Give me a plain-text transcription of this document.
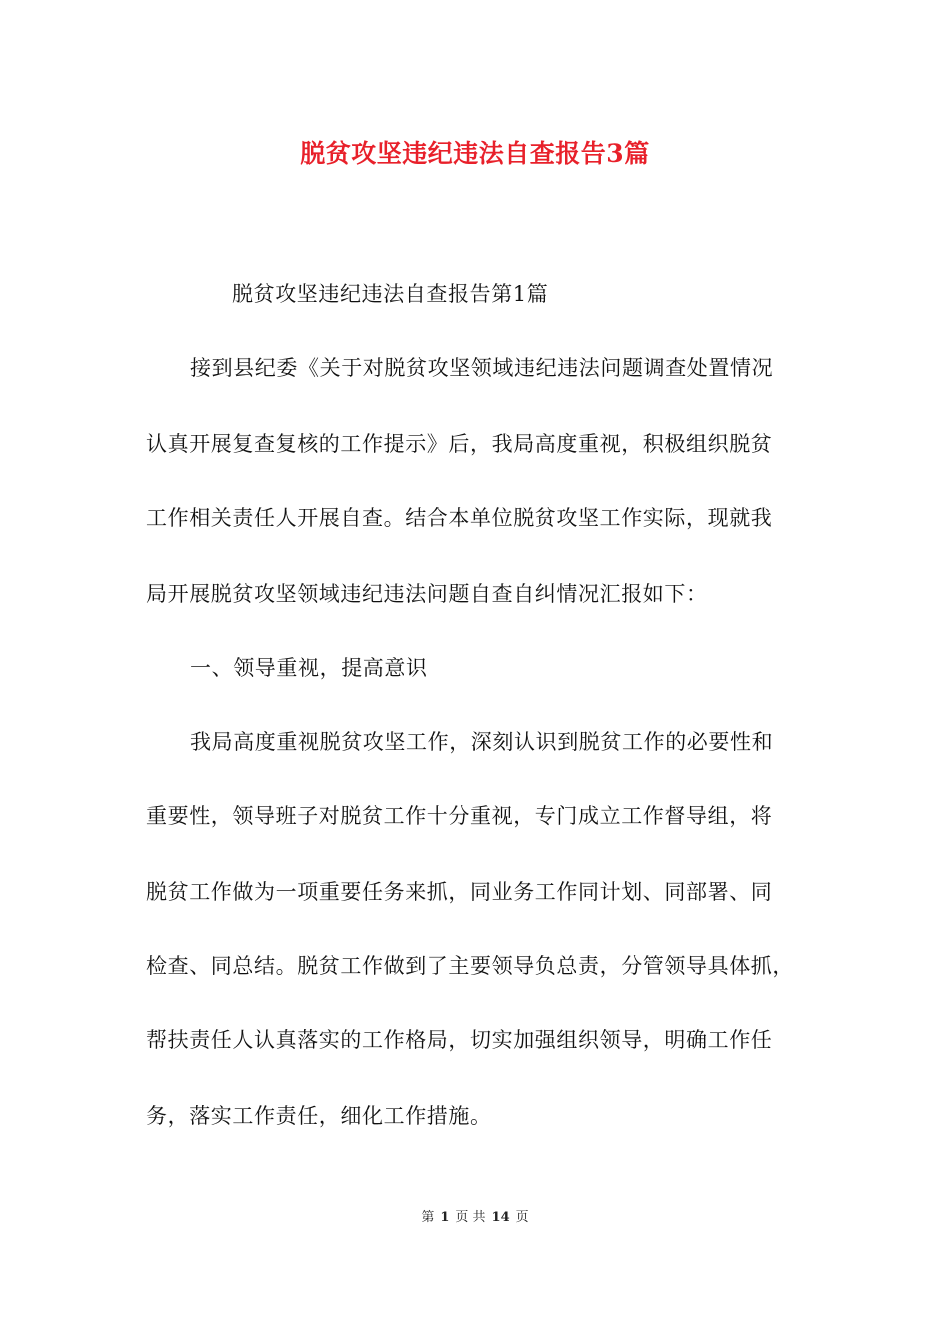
脱贫攻坚违纪违法自查报告3篇
脱贫攻坚违纪违法自查报告第1篇
接到县纪委《关于对脱贫攻坚领域违纪违法问题调查处置情况
认真开展复查复核的工作提示》后，我局高度重视，积极组织脱贫
工作相关责任人开展自查。结合本单位脱贫攻坚工作实际，现就我
局开展脱贫攻坚领域违纪违法问题自查自纠情况汇报如下：
一、领导重视，提高意识
我局高度重视脱贫攻坚工作，深刻认识到脱贫工作的必要性和
重要性，领导班子对脱贫工作十分重视，专门成立工作督导组，将
脱贫工作做为一项重要任务来抓，同业务工作同计划、同部署、同
检查、同总结。脱贫工作做到了主要领导负总责，分管领导具体抓，
帮扶责任人认真落实的工作格局，切实加强组织领导，明确工作任
务，落实工作责任，细化工作措施。
第 1 页 共 14 页
